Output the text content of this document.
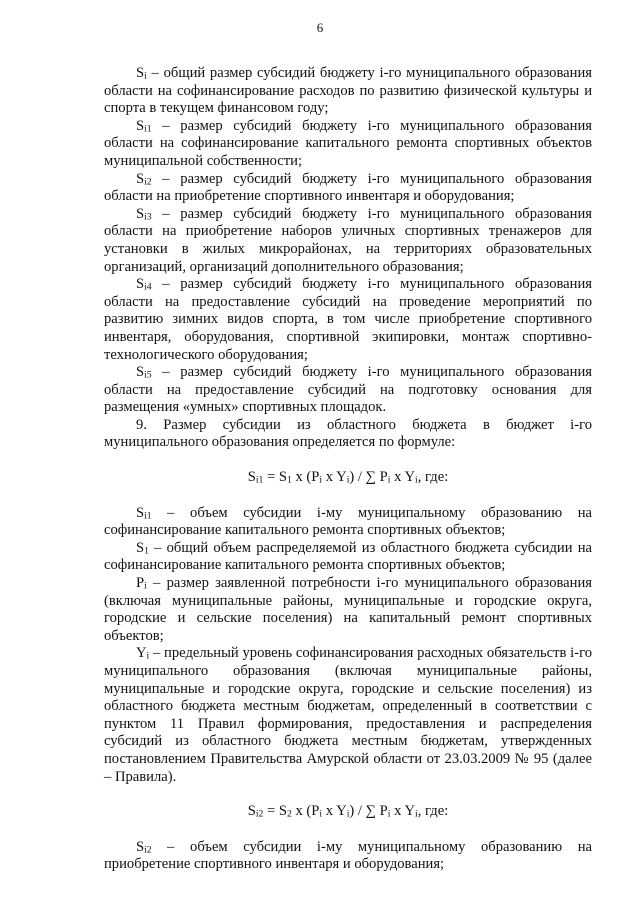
6

$S_i$ – общий размер субсидий бюджету i-го муниципального образования области на софинансирование расходов по развитию физической культуры и спорта в текущем финансовом году;

$S_{i1}$ – размер субсидий бюджету i-го муниципального образования области на софинансирование капитального ремонта спортивных объектов муниципальной собственности;

$S_{i2}$ – размер субсидий бюджету i-го муниципального образования области на приобретение спортивного инвентаря и оборудования;

$S_{i3}$ – размер субсидий бюджету i-го муниципального образования области на приобретение наборов уличных спортивных тренажеров для установки в жилых микрорайонах, на территориях образовательных организаций, организаций дополнительного образования;

$S_{i4}$ – размер субсидий бюджету i-го муниципального образования области на предоставление субсидий на проведение мероприятий по развитию зимних видов спорта, в том числе приобретение спортивного инвентаря, оборудования, спортивной экипировки, монтаж спортивно-технологического оборудования;

$S_{i5}$ – размер субсидий бюджету i-го муниципального образования области на предоставление субсидий на подготовку основания для размещения «умных» спортивных площадок.

9. Размер субсидии из областного бюджета в бюджет i-го муниципального образования определяется по формуле:

$S_{i1} = S_1$ x ($P_i$ x $Y_i$) / ∑ $P_i$ x $Y_i$, где:

$S_{i1}$ – объем субсидии i-му муниципальному образованию на софинансирование капитального ремонта спортивных объектов;

$S_1$ – общий объем распределяемой из областного бюджета субсидии на софинансирование капитального ремонта спортивных объектов;

$P_i$ – размер заявленной потребности i-го муниципального образования (включая муниципальные районы, муниципальные и городские округа, городские и сельские поселения) на капитальный ремонт спортивных объектов;

$Y_i$ – предельный уровень софинансирования расходных обязательств i-го муниципального образования (включая муниципальные районы, муниципальные и городские округа, городские и сельские поселения) из областного бюджета местным бюджетам, определенный в соответствии с пунктом 11 Правил формирования, предоставления и распределения субсидий из областного бюджета местным бюджетам, утвержденных постановлением Правительства Амурской области от 23.03.2009 № 95 (далее – Правила).

$S_{i2} = S_2$ x ($P_i$ x $Y_i$) / ∑ $P_i$ x $Y_i$, где:

$S_{i2}$ – объем субсидии i-му муниципальному образованию на приобретение спортивного инвентаря и оборудования;
